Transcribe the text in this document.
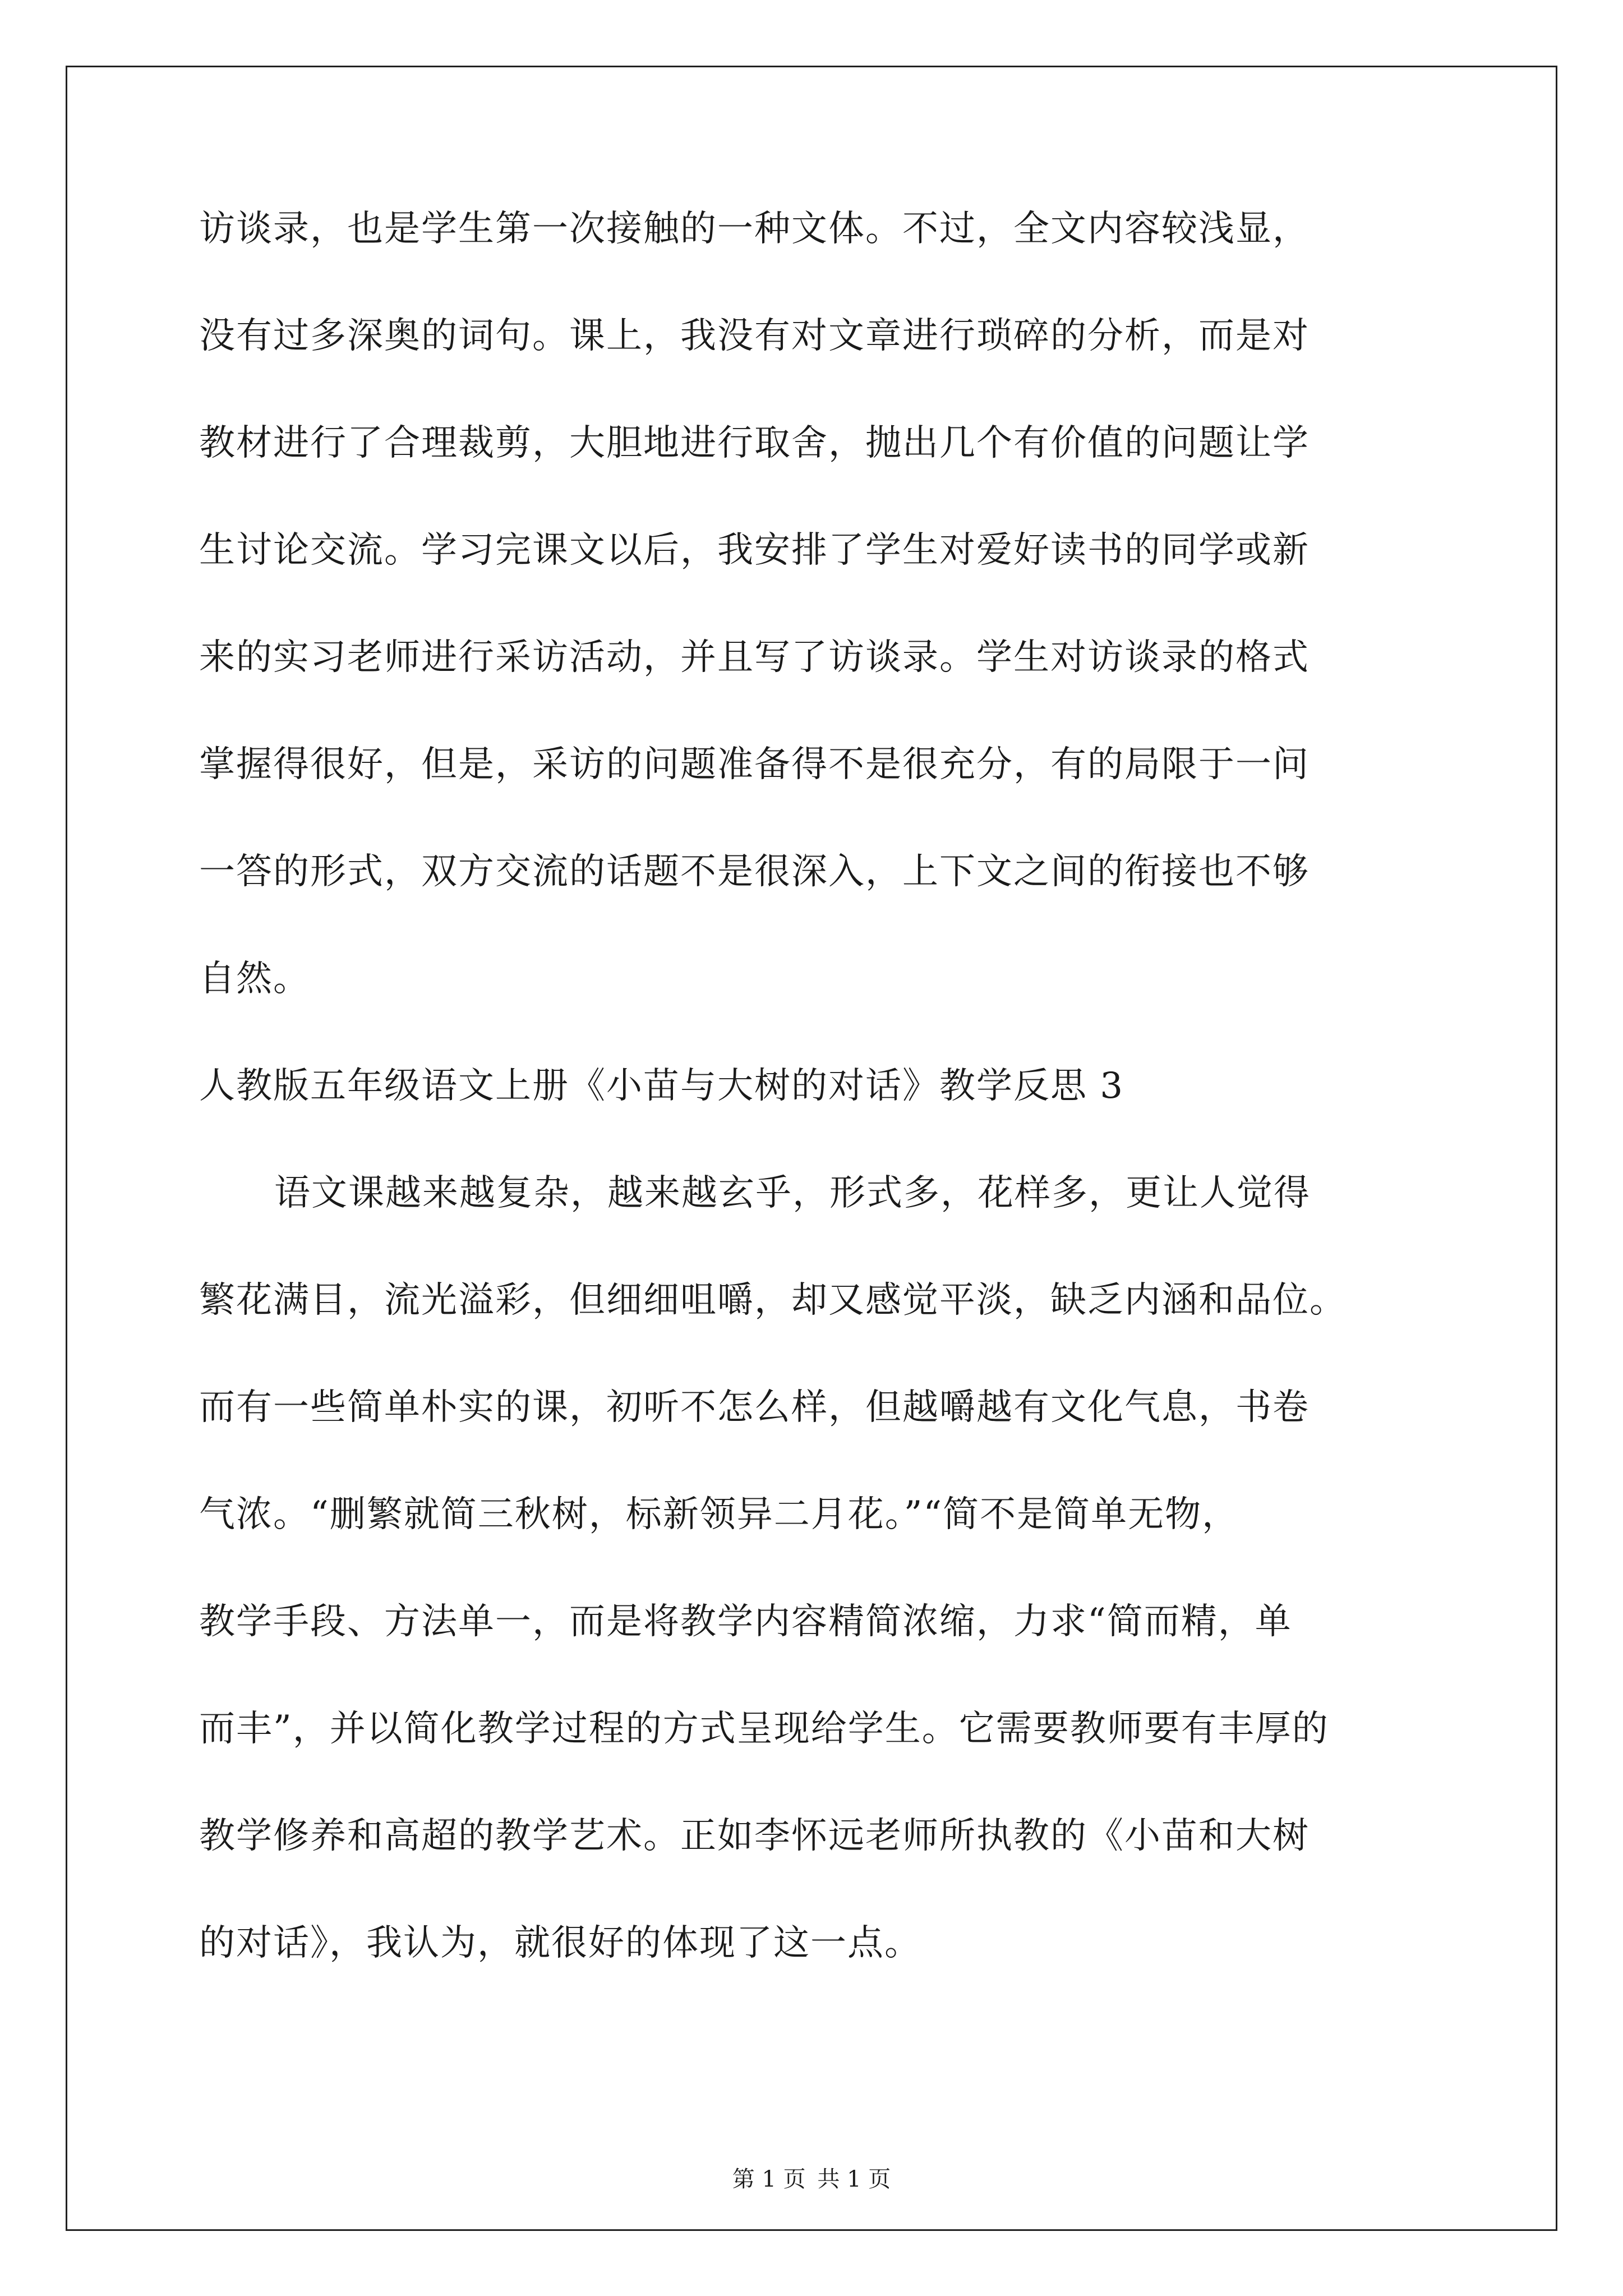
访谈录，也是学生第一次接触的一种文体。不过，全文内容较浅显，
没有过多深奥的词句。课上，我没有对文章进行琐碎的分析，而是对
教材进行了合理裁剪，大胆地进行取舍，抛出几个有价值的问题让学
生讨论交流。学习完课文以后，我安排了学生对爱好读书的同学或新
来的实习老师进行采访活动，并且写了访谈录。学生对访谈录的格式
掌握得很好，但是，采访的问题准备得不是很充分，有的局限于一问
一答的形式，双方交流的话题不是很深入，上下文之间的衔接也不够
自然。
人教版五年级语文上册《小苗与大树的对话》教学反思 3
语文课越来越复杂，越来越玄乎，形式多，花样多，更让人觉得
繁花满目，流光溢彩，但细细咀嚼，却又感觉平淡，缺乏内涵和品位。
而有一些简单朴实的课，初听不怎么样，但越嚼越有文化气息，书卷
气浓。“删繁就简三秋树，标新领异二月花。”“简不是简单无物，
教学手段、方法单一，而是将教学内容精简浓缩，力求“简而精，单
而丰”，并以简化教学过程的方式呈现给学生。它需要教师要有丰厚的
教学修养和高超的教学艺术。正如李怀远老师所执教的《小苗和大树
的对话》，我认为，就很好的体现了这一点。
第 1 页 共 1 页
